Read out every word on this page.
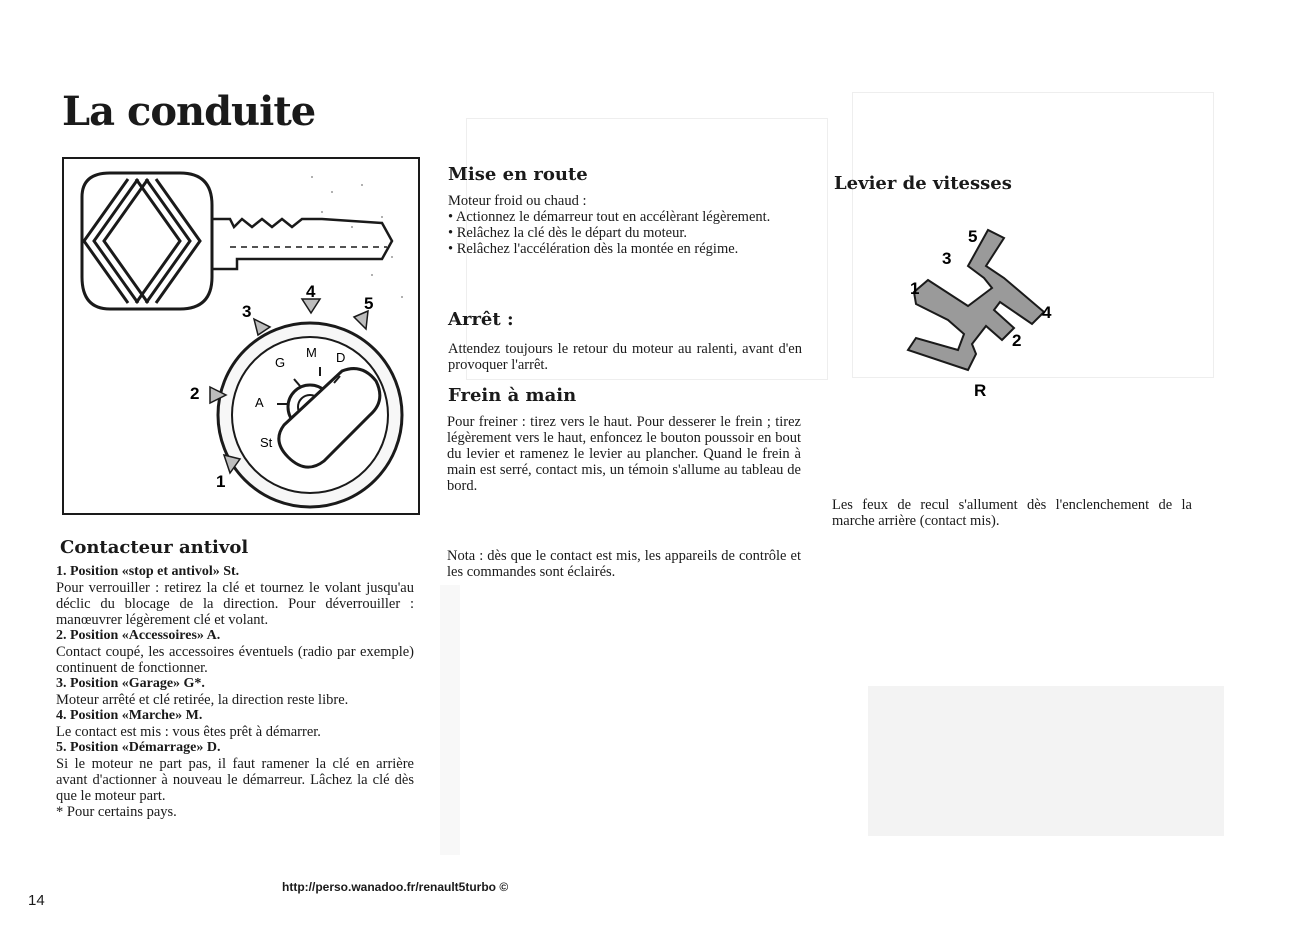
La conduite
St
A
G
M D
3
4
5
2
1
Contacteur antivol
1. Position «stop et antivol» St.
Pour verrouiller : retirez la clé et tournez le volant jusqu'au déclic du blocage de la direction. Pour déverrouiller : manœuvrer légèrement clé et volant.
2. Position «Accessoires» A.
Contact coupé, les accessoires éventuels (radio par exemple) continuent de fonctionner.
3. Position «Garage» G*.
Moteur arrêté et clé retirée, la direction reste libre.
4. Position «Marche» M.
Le contact est mis : vous êtes prêt à démarrer.
5. Position «Démarrage» D.
Si le moteur ne part pas, il faut ramener la clé en arrière avant d'actionner à nouveau le démarreur. Lâchez la clé dès que le moteur part.
* Pour certains pays.
http://perso.wanadoo.fr/renault5turbo ©
14
Mise en route
Moteur froid ou chaud :
• Actionnez le démarreur tout en accélèrant légèrement.
• Relâchez la clé dès le départ du moteur.
• Relâchez l'accélération dès la montée en régime.
Arrêt :
Attendez toujours le retour du moteur au ralenti, avant d'en provoquer l'arrêt.
Frein à main
Pour freiner : tirez vers le haut. Pour desserer le frein ; tirez légèrement vers le haut, enfoncez le bouton poussoir en bout du levier et ramenez le levier au plancher. Quand le frein à main est serré, contact mis, un témoin s'allume au tableau de bord.
Nota : dès que le contact est mis, les appareils de contrôle et les commandes sont éclairés.
Levier de vitesses
5
3
1
4
2
R
Les feux de recul s'allument dès l'enclenchement de la marche arrière (contact mis).
